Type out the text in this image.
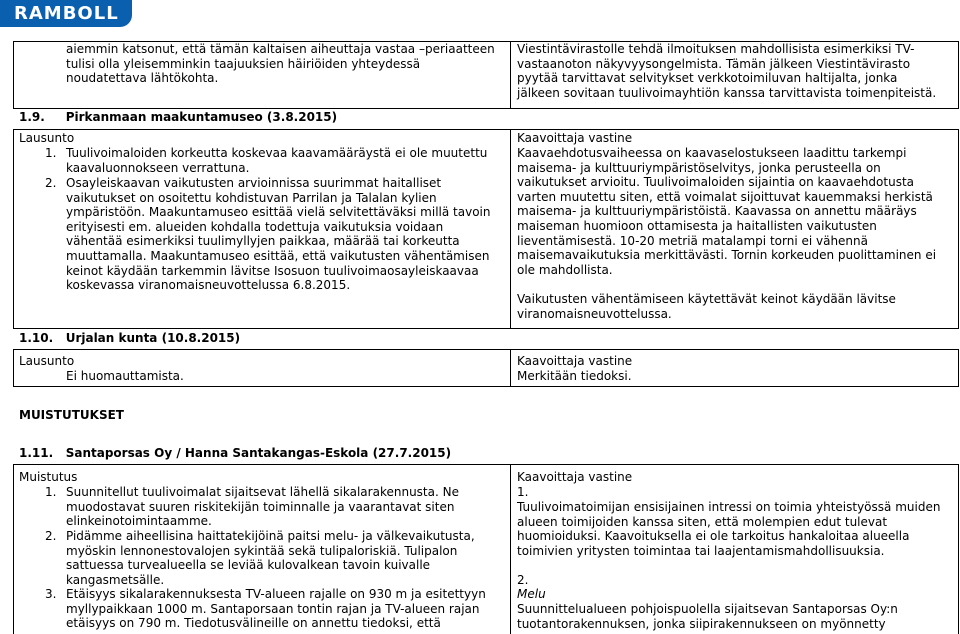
RAMBOLL

aiemmin katsonut, että tämän kaltaisen aiheuttaja vastaa –periaatteen

tulisi olla yleisemminkin taajuuksien häiriöiden yhteydessä

noudatettava lähtökohta.

Viestintävirastolle tehdä ilmoituksen mahdollisista esimerkiksi TV-

vastaanoton näkyvyysongelmista. Tämän jälkeen Viestintävirasto

pyytää tarvittavat selvitykset verkkotoimiluvan haltijalta, jonka

jälkeen sovitaan tuulivoimayhtiön kanssa tarvittavista toimenpiteistä.

1.9.     Pirkanmaan maakuntamuseo (3.8.2015)
Lausunto
1. Tuulivoimaloiden korkeutta koskevaa kaavamääräystä ei ole muutettu

kaavaluonnokseen verrattuna.

2. Osayleiskaavan vaikutusten arvioinnissa suurimmat haitalliset

vaikutukset on osoitettu kohdistuvan Parrilan ja Talalan kylien

ympäristöön. Maakuntamuseo esittää vielä selvitettäväksi millä tavoin

erityisesti em. alueiden kohdalla todettuja vaikutuksia voidaan

vähentää esimerkiksi tuulimyllyjen paikkaa, määrää tai korkeutta

muuttamalla. Maakuntamuseo esittää, että vaikutusten vähentämisen

keinot käydään tarkemmin lävitse Isosuon tuulivoimaosayleiskaavaa

koskevassa viranomaisneuvottelussa 6.8.2015.

Kaavoittaja vastine

Kaavaehdotusvaiheessa on kaavaselostukseen laadittu tarkempi

maisema- ja kulttuuriympäristöselvitys, jonka perusteella on

vaikutukset arvioitu. Tuulivoimaloiden sijaintia on kaavaehdotusta

varten muutettu siten, että voimalat sijoittuvat kauemmaksi herkistä

maisema- ja kulttuuriympäristöistä. Kaavassa on annettu määräys

maiseman huomioon ottamisesta ja haitallisten vaikutusten

lieventämisestä. 10-20 metriä matalampi torni ei vähennä

maisemavaikutuksia merkittävästi. Tornin korkeuden puolittaminen ei

ole mahdollista.

Vaikutusten vähentämiseen käytettävät keinot käydään lävitse

viranomaisneuvottelussa.

1.10.   Urjalan kunta (10.8.2015)
Lausunto
Ei huomauttamista.
Kaavoittaja vastine
Merkitään tiedoksi.
MUISTUTUKSET
1.11.   Santaporsas Oy / Hanna Santakangas-Eskola (27.7.2015)
Muistutus
1. Suunnitellut tuulivoimalat sijaitsevat lähellä sikalarakennusta. Ne

muodostavat suuren riskitekijän toiminnalle ja vaarantavat siten

elinkeinotoimintaamme.

2. Pidämme aiheellisina haittatekijöinä paitsi melu- ja välkevaikutusta,

myöskin lennonestovalojen sykintää sekä tulipaloriskiä. Tulipalon

sattuessa turvealueella se leviää kulovalkean tavoin kuivalle

kangasmetsälle.

3. Etäisyys sikalarakennuksesta TV-alueen rajalle on 930 m ja esitettyyn

myllypaikkaan 1000 m. Santaporsaan tontin rajan ja TV-alueen rajan

etäisyys on 790 m. Tiedotusvälineille on annettu tiedoksi, että

Kaavoittaja vastine
1.

Tuulivoimatoimijan ensisijainen intressi on toimia yhteistyössä muiden

alueen toimijoiden kanssa siten, että molempien edut tulevat

huomioiduksi. Kaavoituksella ei ole tarkoitus hankaloitaa alueella

toimivien yritysten toimintaa tai laajentamismahdollisuuksia.

2.
Melu

Suunnittelualueen pohjoispuolella sijaitsevan Santaporsas Oy:n

tuotantorakennuksen, jonka siipirakennukseen on myönnetty
